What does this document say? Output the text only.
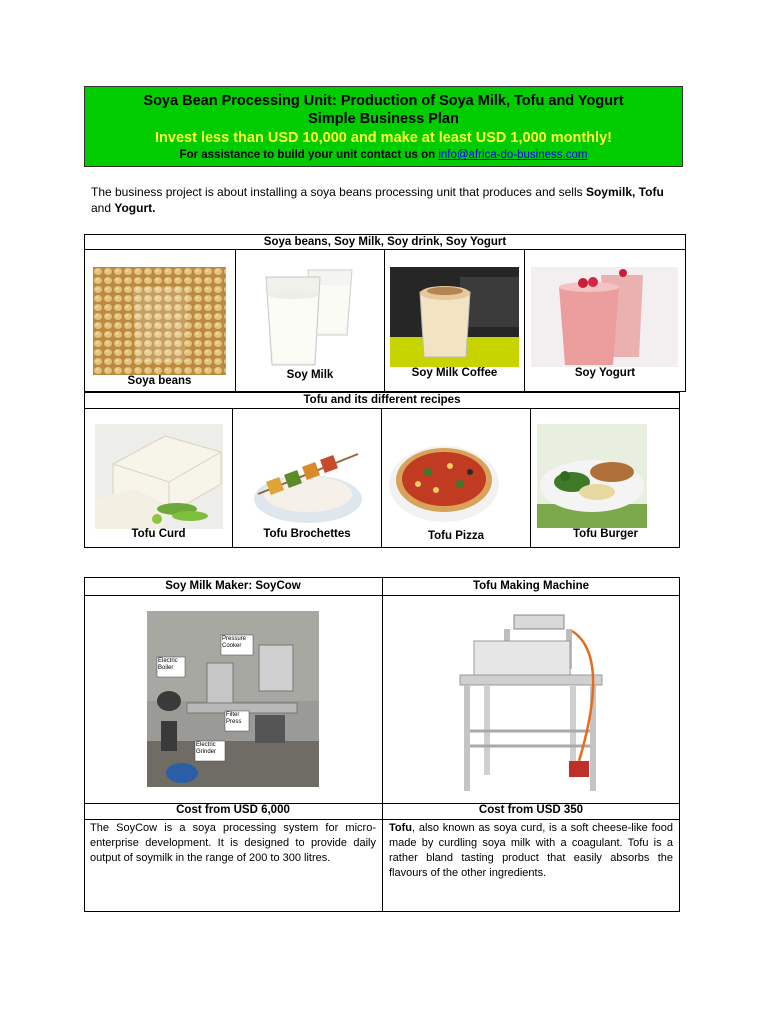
Soya Bean Processing Unit: Production of Soya Milk, Tofu and Yogurt
Simple Business Plan
Invest less than USD 10,000 and make at least USD 1,000 monthly!
For assistance to build your unit contact us on info@africa-do-business.com
The business project is about installing a soya beans processing unit that produces and sells Soymilk, Tofu and Yogurt.
Soya beans, Soy Milk, Soy drink, Soy Yogurt
Soya beans	Soy Milk	Soy Milk Coffee	Soy Yogurt
Tofu and its different recipes
Tofu Curd	Tofu Brochettes	Tofu Pizza	Tofu Burger
Soy Milk Maker: SoyCow	Tofu Making Machine
Electric Boiler
Pressure Cooker
Filter Press
Electric Grinder
Cost from USD 6,000	Cost from USD 350
The SoyCow is a soya processing system for micro-enterprise development. It is designed to provide daily output of soymilk in the range of 200 to 300 litres.
Tofu, also known as soya curd, is a soft cheese-like food made by curdling soya milk with a coagulant. Tofu is a rather bland tasting product that easily absorbs the flavours of the other ingredients.
